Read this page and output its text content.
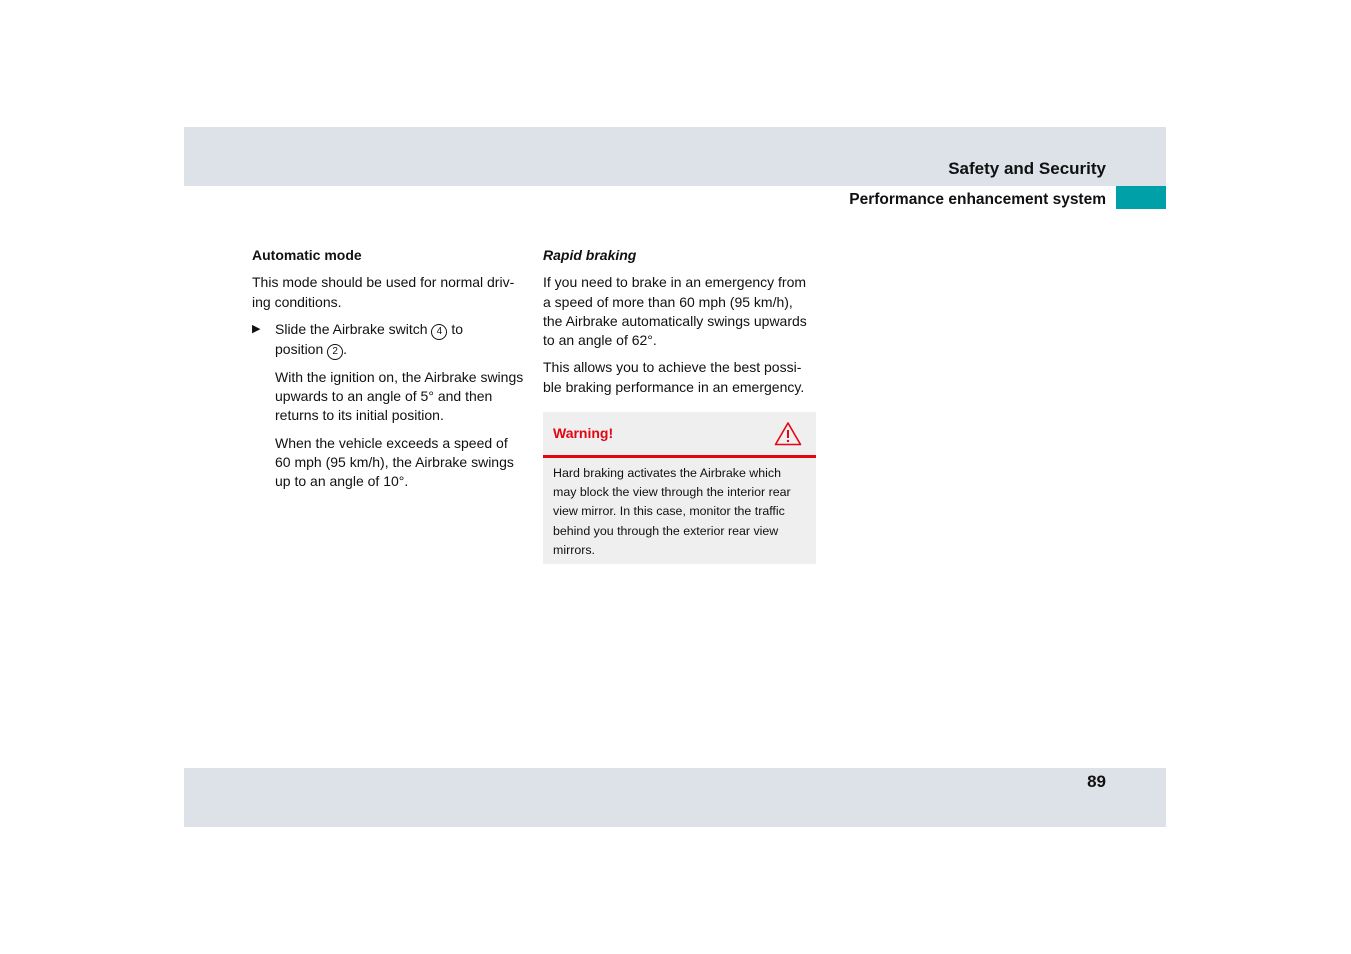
Safety and Security
Performance enhancement system
Automatic mode

This mode should be used for normal driv-
ing conditions.

▶ Slide the Airbrake switch 4 to
position 2 .

With the ignition on, the Airbrake swings upwards to an angle of 5° and then returns to its initial position.

When the vehicle exceeds a speed of 60 mph (95 km/h), the Airbrake swings up to an angle of 10°.

Rapid braking

If you need to brake in an emergency from a speed of more than 60 mph (95 km/h), the Airbrake automatically swings upwards to an angle of 62°.

This allows you to achieve the best possi-
ble braking performance in an emergency.

Warning!
Hard braking activates the Airbrake which may block the view through the interior rear view mirror. In this case, monitor the traffic behind you through the exterior rear view mirrors.
89
